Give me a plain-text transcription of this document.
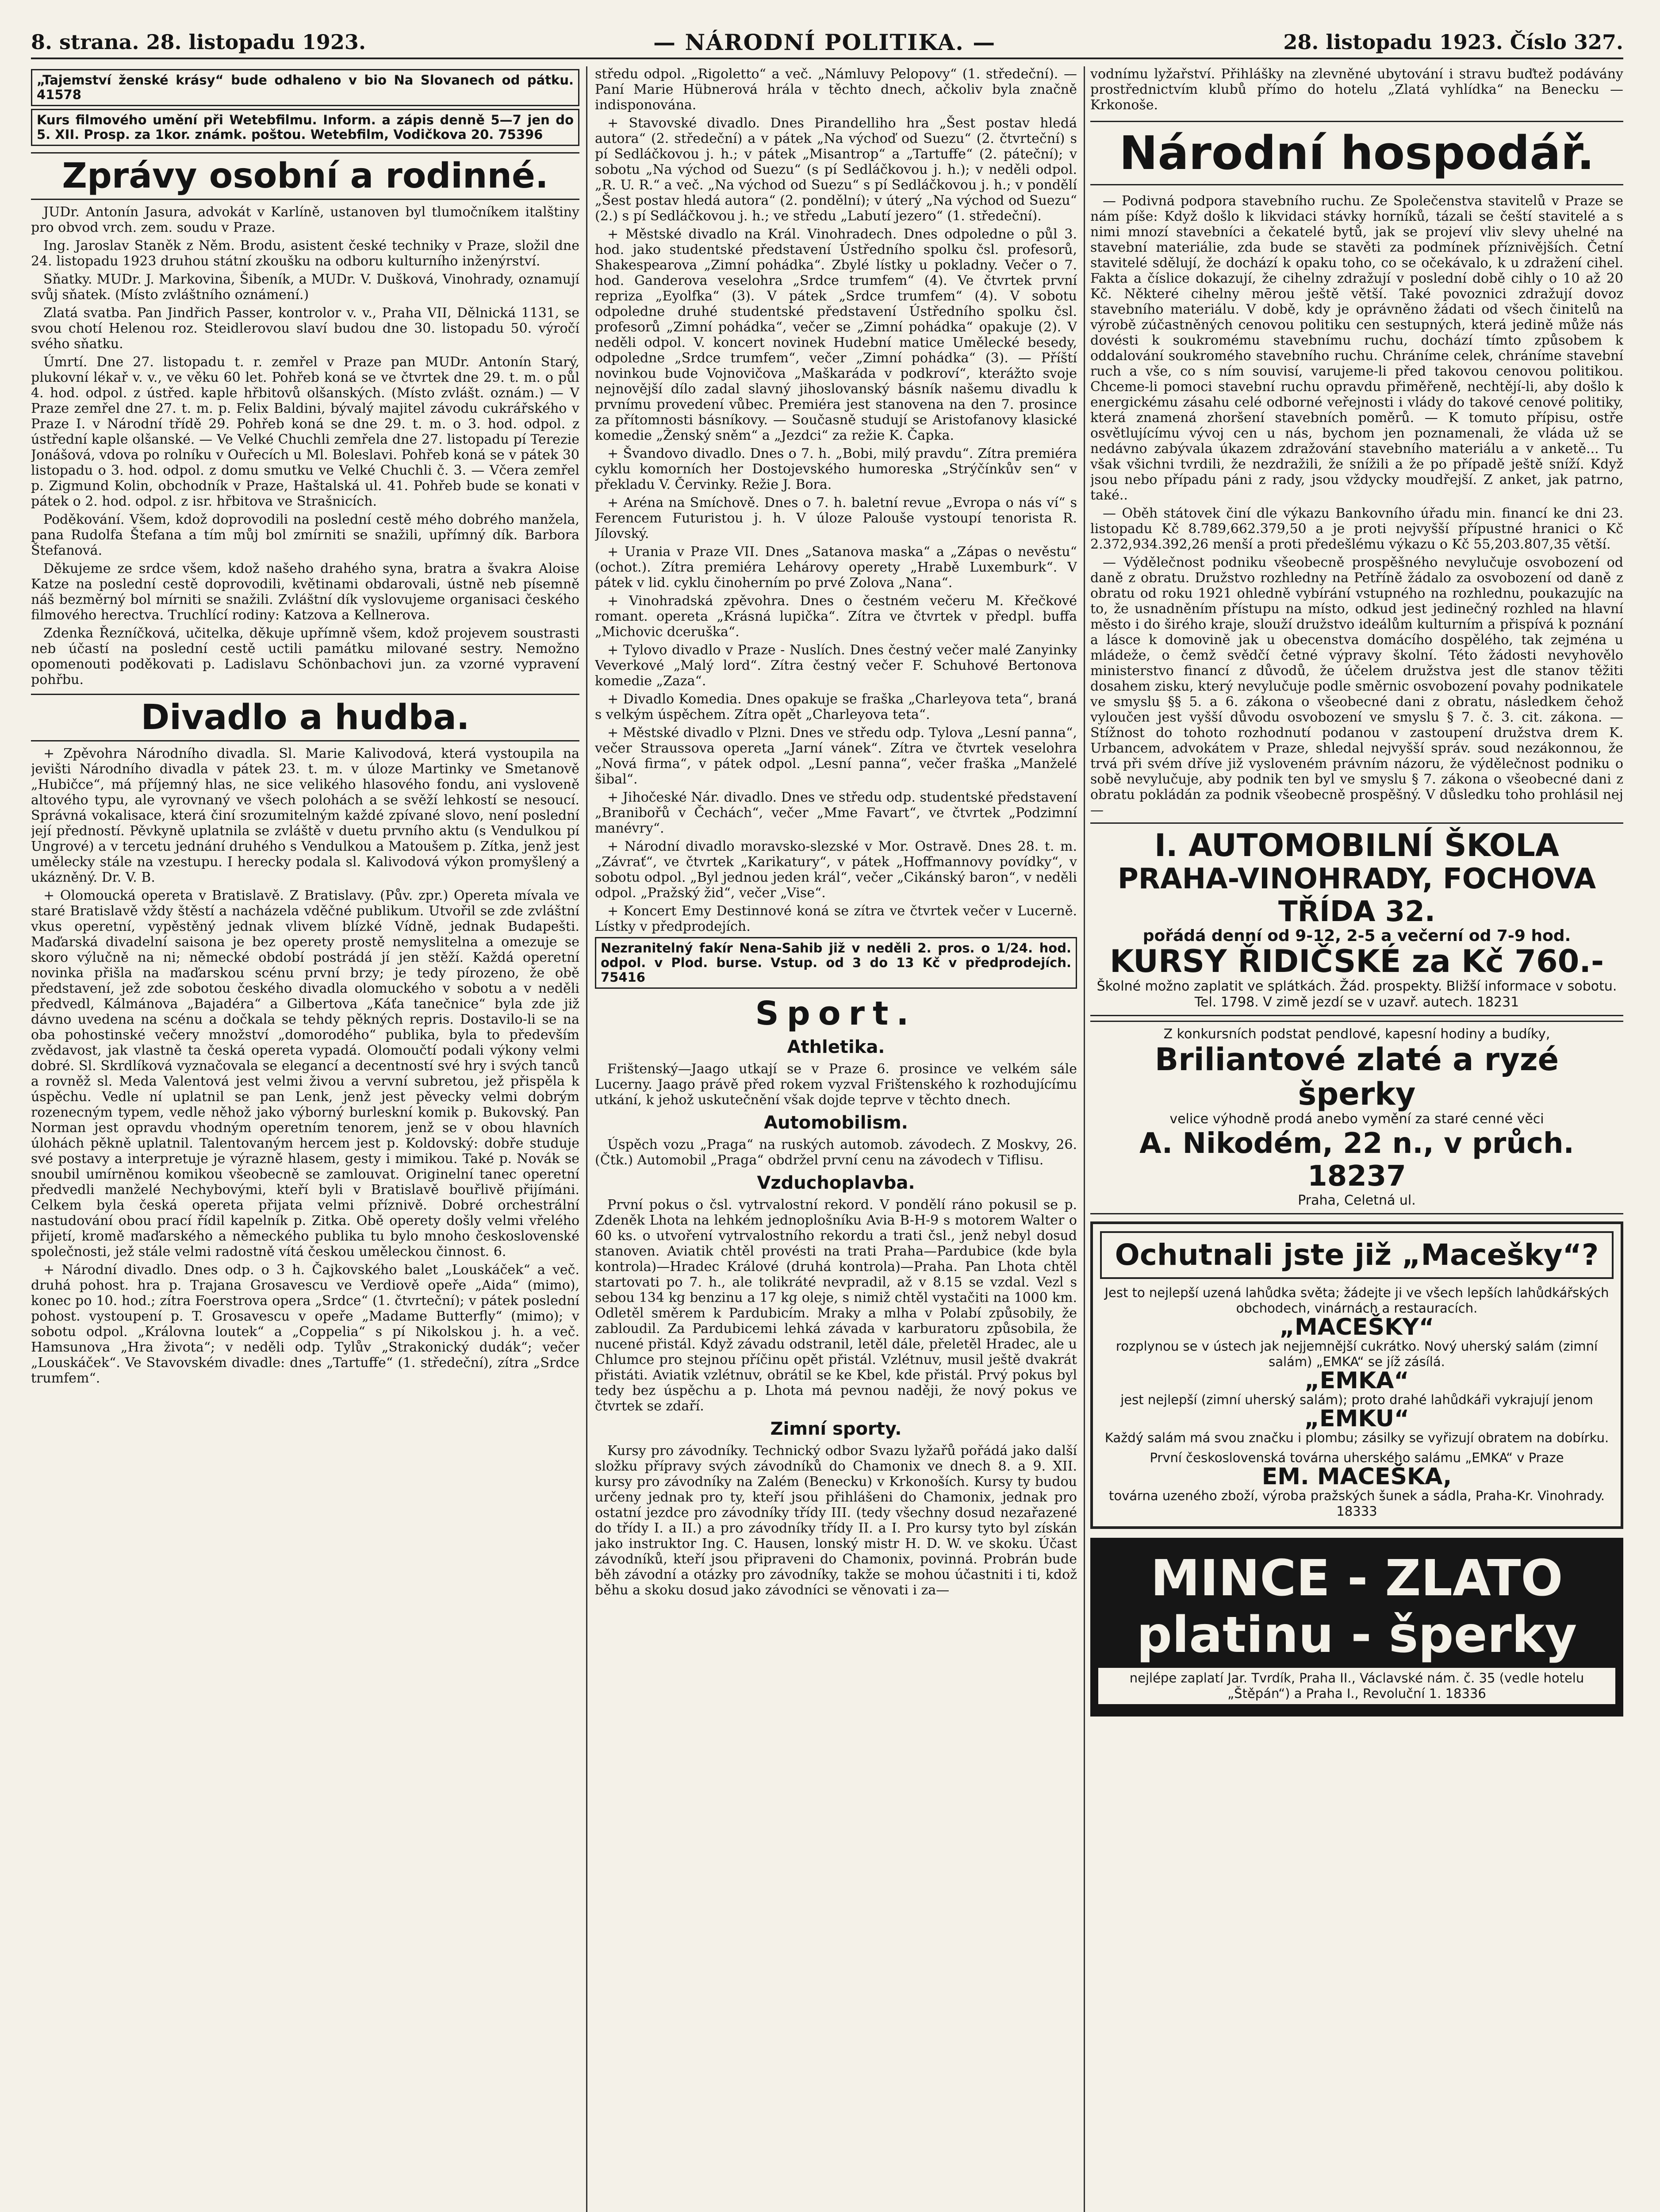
8. strana. 28. listopadu 1923.	— NÁRODNÍ POLITIKA. —	28. listopadu 1923. Číslo 327.
„Tajemství ženské krásy“ bude odhaleno v bio Na Slovanech od pátku. 41578
Kurs filmového umění při Wetebfilmu. Inform. a zápis denně 5—7 jen do 5. XII. Prosp. za 1kor. známk. poštou. Wetebfilm, Vodičkova 20. 75396
Zprávy osobní a rodinné.

JUDr. Antonín Jasura, advokát v Karlíně, ustanoven byl tlumočníkem italštiny pro obvod vrch. zem. soudu v Praze.

Ing. Jaroslav Staněk z Něm. Brodu, asistent české techniky v Praze, složil dne 24. listopadu 1923 druhou státní zkoušku na odboru kulturního inženýrství.

Sňatky. MUDr. J. Markovina, Šibeník, a MUDr. V. Dušková, Vinohrady, oznamují svůj sňatek. (Místo zvláštního oznámení.)

Zlatá svatba. Pan Jindřich Passer, kontrolor v. v., Praha VII, Dělnická 1131, se svou chotí Helenou roz. Steidlerovou slaví budou dne 30. listopadu 50. výročí svého sňatku.

Úmrtí. Dne 27. listopadu t. r. zemřel v Praze pan MUDr. Antonín Starý, plukovní lékař v. v., ve věku 60 let. Pohřeb koná se ve čtvrtek dne 29. t. m. o půl 4. hod. odpol. z ústřed. kaple hřbitovů olšanských. (Místo zvlášt. oznám.) — V Praze zemřel dne 27. t. m. p. Felix Baldini, bývalý majitel závodu cukrářského v Praze I. v Národní třídě 29. Pohřeb koná se dne 29. t. m. o 3. hod. odpol. z ústřední kaple olšanské. — Ve Velké Chuchli zemřela dne 27. listopadu pí Terezie Jonášová, vdova po rolníku v Ouřecích u Ml. Boleslavi. Pohřeb koná se v pátek 30 listopadu o 3. hod. odpol. z domu smutku ve Velké Chuchli č. 3. — Včera zemřel p. Zigmund Kolin, obchodník v Praze, Haštalská ul. 41. Pohřeb bude se konati v pátek o 2. hod. odpol. z isr. hřbitova ve Strašnicích.

Poděkování. Všem, kdož doprovodili na poslední cestě mého dobrého manžela, pana Rudolfa Štefana a tím můj bol zmírniti se snažili, upřímný dík. Barbora Štefanová.

Děkujeme ze srdce všem, kdož našeho drahého syna, bratra a švakra Aloise Katze na poslední cestě doprovodili, květinami obdarovali, ústně neb písemně náš bezměrný bol mírniti se snažili. Zvláštní dík vyslovujeme organisaci českého filmového herectva. Truchlící rodiny: Katzova a Kellnerova.

Zdenka Řezníčková, učitelka, děkuje upřímně všem, kdož projevem soustrasti neb účastí na poslední cestě uctili památku milované sestry. Nemožno opomenouti poděkovati p. Ladislavu Schönbachovi jun. za vzorné vypravení pohřbu.

Divadlo a hudba.

+ Zpěvohra Národního divadla. Sl. Marie Kalivodová, která vystoupila na jevišti Národního divadla v pátek 23. t. m. v úloze Martinky ve Smetanově „Hubičce“, má příjemný hlas, ne sice velikého hlasového fondu, ani vysloveně altového typu, ale vyrovnaný ve všech polohách a se svěží lehkostí se nesoucí. Správná vokalisace, která činí srozumitelným každé zpívané slovo, není poslední její předností. Pěvkyně uplatnila se zvláště v duetu prvního aktu (s Vendulkou pí Ungrové) a v tercetu jednání druhého s Vendulkou a Matoušem p. Zítka, jenž jest umělecky stále na vzestupu. I herecky podala sl. Kalivodová výkon promyšlený a ukázněný. Dr. V. B.

+ Olomoucká opereta v Bratislavě. Z Bratislavy. (Pův. zpr.) Opereta mívala ve staré Bratislavě vždy štěstí a nacházela vděčné publikum. Utvořil se zde zvláštní vkus operetní, vypěstěný jednak vlivem blízké Vídně, jednak Budapešti. Maďarská divadelní saisona je bez operety prostě nemyslitelna a omezuje se skoro výlučně na ni; německé období postrádá jí jen stěží. Každá operetní novinka přišla na maďarskou scénu první brzy; je tedy pírozeno, že obě představení, jež zde sobotou českého divadla olomuckého v sobotu a v neděli předvedl, Kálmánova „Bajadéra“ a Gilbertova „Káťa tanečnice“ byla zde již dávno uvedena na scénu a dočkala se tehdy pěkných repris. Dostavilo-li se na oba pohostinské večery množství „domorodého“ publika, byla to především zvědavost, jak vlastně ta česká opereta vypadá. Olomoučtí podali výkony velmi dobré. Sl. Skrdlíková vyznačovala se elegancí a decentností své hry i svých tanců a rovněž sl. Meda Valentová jest velmi živou a vervní subretou, jež přispěla k úspěchu. Vedle ní uplatnil se pan Lenk, jenž jest pěvecky velmi dobrým rozenecným typem, vedle něhož jako výborný burleskní komik p. Bukovský. Pan Norman jest opravdu vhodným operetním tenorem, jenž se v obou hlavních úlohách pěkně uplatnil. Talentovaným hercem jest p. Koldovský: dobře studuje své postavy a interpretuje je výrazně hlasem, gesty i mimikou. Také p. Novák se snoubil umírněnou komikou všeobecně se zamlouvat. Originelní tanec operetní předvedli manželé Nechybovými, kteří byli v Bratislavě bouřlivě přijímáni. Celkem byla česká opereta přijata velmi příznivě. Dobré orchestrální nastudování obou prací řídil kapelník p. Zitka. Obě operety došly velmi vřelého přijetí, kromě maďarského a německého publika tu bylo mnoho československé společnosti, jež stále velmi radostně vítá českou uměleckou činnost. 6.

+ Národní divadlo. Dnes odp. o 3 h. Čajkovského balet „Louskáček“ a več. druhá pohost. hra p. Trajana Grosavescu ve Verdiově opeře „Aida“ (mimo), konec po 10. hod.; zítra Foerstrova opera „Srdce“ (1. čtvrteční); v pátek poslední pohost. vystoupení p. T. Grosavescu v opeře „Madame Butterfly“ (mimo); v sobotu odpol. „Královna loutek“ a „Coppelia“ s pí Nikolskou j. h. a več. Hamsunova „Hra života“; v neděli odp. Tylův „Strakonický dudák“; večer „Louskáček“. Ve Stavovském divadle: dnes „Tartuffe“ (1. středeční), zítra „Srdce trumfem“.

středu odpol. „Rigoletto“ a več. „Námluvy Pelopovy“ (1. středeční). — Paní Marie Hübnerová hrála v těchto dnech, ačkoliv byla značně indisponována.

+ Stavovské divadlo. Dnes Pirandelliho hra „Šest postav hledá autora“ (2. středeční) a v pátek „Na výchoď od Suezu“ (2. čtvrteční) s pí Sedláčkovou j. h.; v pátek „Misantrop“ a „Tartuffe“ (2. páteční); v sobotu „Na východ od Suezu“ (s pí Sedláčkovou j. h.); v neděli odpol. „R. U. R.“ a več. „Na východ od Suezu“ s pí Sedláčkovou j. h.; v pondělí „Šest postav hledá autora“ (2. pondělní); v úterý „Na východ od Suezu“ (2.) s pí Sedláčkovou j. h.; ve středu „Labutí jezero“ (1. středeční).

+ Městské divadlo na Král. Vinohradech. Dnes odpoledne o půl 3. hod. jako studentské představení Ústředního spolku čsl. profesorů, Shakespearova „Zimní pohádka“. Zbylé lístky u pokladny. Večer o 7. hod. Ganderova veselohra „Srdce trumfem“ (4). Ve čtvrtek první repriza „Eyolfka“ (3). V pátek „Srdce trumfem“ (4). V sobotu odpoledne druhé studentské představení Ústředního spolku čsl. profesorů „Zimní pohádka“, večer se „Zimní pohádka“ opakuje (2). V neděli odpol. V. koncert novinek Hudební matice Umělecké besedy, odpoledne „Srdce trumfem“, večer „Zimní pohádka“ (3). — Příští novinkou bude Vojnovičova „Maškaráda v podkroví“, kterážto svoje nejnovější dílo zadal slavný jihoslovanský básník našemu divadlu k prvnímu provedení vůbec. Premiéra jest stanovena na den 7. prosince za přítomnosti básníkovy. — Současně studují se Aristofanovy klasické komedie „Ženský sněm“ a „Jezdci“ za režie K. Čapka.

+ Švandovo divadlo. Dnes o 7. h. „Bobi, milý pravdu“. Zítra premiéra cyklu komorních her Dostojevského humoreska „Strýčínkův sen“ v překladu V. Červinky. Režie J. Bora.

+ Aréna na Smíchově. Dnes o 7. h. baletní revue „Evropa o nás ví“ s Ferencem Futuristou j. h. V úloze Palouše vystoupí tenorista R. Jílovský.

+ Urania v Praze VII. Dnes „Satanova maska“ a „Zápas o nevěstu“ (ochot.). Zítra premiéra Lehárovy operety „Hrabě Luxemburk“. V pátek v lid. cyklu činoherním po prvé Zolova „Nana“.

+ Vinohradská zpěvohra. Dnes o čestném večeru M. Křečkové romant. opereta „Krásná lupička“. Zítra ve čtvrtek v předpl. buffa „Michovic dceruška“.

+ Tylovo divadlo v Praze - Nuslích. Dnes čestný večer malé Zanyinky Veverkové „Malý lord“. Zítra čestný večer F. Schuhové Bertonova komedie „Zaza“.

+ Divadlo Komedia. Dnes opakuje se fraška „Charleyova teta“, braná s velkým úspěchem. Zítra opět „Charleyova teta“.

+ Městské divadlo v Plzni. Dnes ve středu odp. Tylova „Lesní panna“, večer Straussova opereta „Jarní vánek“. Zítra ve čtvrtek veselohra „Nová firma“, v pátek odpol. „Lesní panna“, večer fraška „Manželé šibal“.

+ Jihočeské Nár. divadlo. Dnes ve středu odp. studentské představení „Branibořů v Čechách“, večer „Mme Favart“, ve čtvrtek „Podzimní manévry“.

+ Národní divadlo moravsko-slezské v Mor. Ostravě. Dnes 28. t. m. „Závrať“, ve čtvrtek „Karikatury“, v pátek „Hoffmannovy povídky“, v sobotu odpol. „Byl jednou jeden král“, večer „Cikánský baron“, v neděli odpol. „Pražský žid“, večer „Vise“.

+ Koncert Emy Destinnové koná se zítra ve čtvrtek večer v Lucerně. Lístky v předprodejích.

Nezranitelný fakír Nena-Sahib již v neděli 2. pros. o 1/24. hod. odpol. v Plod. burse. Vstup. od 3 do 13 Kč v předprodejích. 75416
Sport.
Athletika.

Frištenský—Jaago utkají se v Praze 6. prosince ve velkém sále Lucerny. Jaago právě před rokem vyzval Frištenského k rozhodujícímu utkání, k jehož uskutečnění však dojde teprve v těchto dnech.

Automobilism.

Úspěch vozu „Praga“ na ruských automob. závodech. Z Moskvy, 26. (Čtk.) Automobil „Praga“ obdržel první cenu na závodech v Tiflisu.

Vzduchoplavba.

První pokus o čsl. vytrvalostní rekord. V pondělí ráno pokusil se p. Zdeněk Lhota na lehkém jednoplošníku Avia B-H-9 s motorem Walter o 60 ks. o utvoření vytrvalostního rekordu a trati čsl., jenž nebyl dosud stanoven. Aviatik chtěl provésti na trati Praha—Pardubice (kde byla kontrola)—Hradec Králové (druhá kontrola)—Praha. Pan Lhota chtěl startovati po 7. h., ale tolikráté nevpradil, až v 8.15 se vzdal. Vezl s sebou 134 kg benzinu a 17 kg oleje, s nimiž chtěl vystačiti na 1000 km. Odletěl směrem k Pardubicím. Mraky a mlha v Polabí způsobily, že zabloudil. Za Pardubicemi lehká závada v karburatoru způsobila, že nucené přistál. Když závadu odstranil, letěl dále, přeletěl Hradec, ale u Chlumce pro stejnou příčinu opět přistál. Vzlétnuv, musil ještě dvakrát přistáti. Aviatik vzlétnuv, obrátil se ke Kbel, kde přistál. Prvý pokus byl tedy bez úspěchu a p. Lhota má pevnou naději, že nový pokus ve čtvrtek se zdaří.

Zimní sporty.

Kursy pro závodníky. Technický odbor Svazu lyžařů pořádá jako další složku přípravy svých závodníků do Chamonix ve dnech 8. a 9. XII. kursy pro závodníky na Zalém (Benecku) v Krkonoších. Kursy ty budou určeny jednak pro ty, kteří jsou přihlášeni do Chamonix, jednak pro ostatní jezdce pro závodníky třídy III. (tedy všechny dosud nezařazené do třídy I. a II.) a pro závodníky třídy II. a I. Pro kursy tyto byl získán jako instruktor Ing. C. Hausen, lonský mistr H. D. W. ve skoku. Účast závodníků, kteří jsou připraveni do Chamonix, povinná. Probrán bude běh závodní a otázky pro závodníky, takže se mohou účastniti i ti, kdož běhu a skoku dosud jako závodníci se věnovati i za—

vodnímu lyžařství. Přihlášky na zlevněné ubytování i stravu buďtež podávány prostřednictvím klubů přímo do hotelu „Zlatá vyhlídka“ na Benecku — Krkonoše.

Národní hospodář.

— Podivná podpora stavebního ruchu. Ze Společenstva stavitelů v Praze se nám píše: Když došlo k likvidaci stávky horníků, tázali se čeští stavitelé a s nimi mnozí stavebníci a čekatelé bytů, jak se projeví vliv slevy uhelné na stavební materiálie, zda bude se stavěti za podmínek příznivějších. Četní stavitelé sdělují, že dochází k opaku toho, co se očekávalo, k u zdražení cihel. Fakta a číslice dokazují, že cihelny zdražují v poslední době cihly o 10 až 20 Kč. Některé cihelny mērou ještě větší. Také povoznici zdražují dovoz stavebního materiálu. V době, kdy je oprávněno žádati od všech činitelů na výrobě zúčastněných cenovou politiku cen sestupných, která jedině může nás dovésti k soukromému stavebnímu ruchu, dochází tímto způsobem k oddalování soukromého stavebního ruchu. Chráníme celek, chráníme stavební ruch a vše, co s ním souvisí, varujeme-li před takovou cenovou politikou. Chceme-li pomoci stavební ruchu opravdu přiměřeně, nechtějí-li, aby došlo k energickému zásahu celé odborné veřejnosti i vlády do takové cenové politiky, která znamená zhoršení stavebních poměrů. — K tomuto přípisu, ostře osvětlujícímu vývoj cen u nás, bychom jen poznamenali, že vláda už se nedávno zabývala úkazem zdražování stavebního materiálu a v anketě... Tu však všichni tvrdili, že nezdražili, že snížili a že po případě ještě sníží. Když jsou nebo případu páni z rady, jsou vždycky moudřejší. Z anket, jak patrno, také..

— Oběh státovek činí dle výkazu Bankovního úřadu min. financí ke dni 23. listopadu Kč 8.789,662.379,50 a je proti nejvyšší přípustné hranici o Kč 2.372,934.392,26 menší a proti předešlému výkazu o Kč 55,203.807,35 větší.

— Výdělečnost podniku všeobecně prospěšného nevylučuje osvobození od daně z obratu. Družstvo rozhledny na Petříně žádalo za osvobození od daně z obratu od roku 1921 ohledně vybírání vstupného na rozhlednu, poukazujíc na to, že usnadněním přístupu na místo, odkud jest jedinečný rozhled na hlavní město i do širého kraje, slouží družstvo ideálům kulturním a přispívá k poznání a lásce k domovině jak u obecenstva domácího dospělého, tak zejména u mládeže, o čemž svědčí četné výpravy školní. Této žádosti nevyhovělo ministerstvo financí z důvodů, že účelem družstva jest dle stanov těžiti dosahem zisku, který nevylučuje podle směrnic osvobození povahy podnikatele ve smyslu §§ 5. a 6. zákona o všeobecné dani z obratu, následkem čehož vyloučen jest vyšší důvodu osvobození ve smyslu § 7. č. 3. cit. zákona. — Stížnost do tohoto rozhodnutí podanou v zastoupení družstva drem K. Urbancem, advokátem v Praze, shledal nejvyšší správ. soud nezákonnou, že trvá při svém dříve již vysloveném právním názoru, že výdělečnost podniku o sobě nevylučuje, aby podnik ten byl ve smyslu § 7. zákona o všeobecné dani z obratu pokládán za podnik všeobecně prospěšný. V důsledku toho prohlásil nej—

I. AUTOMOBILNÍ ŠKOLA
PRAHA-VINOHRADY, FOCHOVA TŘÍDA 32.
pořádá denní od 9-12, 2-5 a večerní od 7-9 hod.
KURSY ŘIDIČSKÉ za Kč 760.-
Školné možno zaplatit ve splátkách. Žád. prospekty. Bližší informace v sobotu. Tel. 1798. V zimě jezdí se v uzavř. autech. 18231
Z konkursních podstat pendlové, kapesní hodiny a budíky,
Briliantové zlaté a ryzé šperky
velice výhodně prodá anebo vymění za staré cenné věci
A. Nikodém, 22 n., v průch. 18237
Praha, Celetná ul.
Ochutnali jste již „Macešky“?
Jest to nejlepší uzená lahůdka světa; žádejte ji ve všech lepších lahůdkářských obchodech, vinárnách a restauracích.
„MACEŠKY“
rozplynou se v ústech jak nejjemnější cukrátko. Nový uherský salám (zimní salám) „EMKA“ se jíž zásílá.
„EMKA“
jest nejlepší (zimní uherský salám); proto drahé lahůdkáři vykrajují jenom
„EMKU“
Každý salám má svou značku i plombu; zásilky se vyřizují obratem na dobírku.
První československá továrna uherského salámu „EMKA“ v Praze
EM. MACEŠKA,
továrna uzeného zboží, výroba pražských šunek a sádla, Praha-Kr. Vinohrady. 18333
MINCE - ZLATO
platinu - šperky
nejlépe zaplatí Jar. Tvrdík, Praha II., Václavské nám. č. 35 (vedle hotelu „Štěpán“) a Praha I., Revoluční 1. 18336
